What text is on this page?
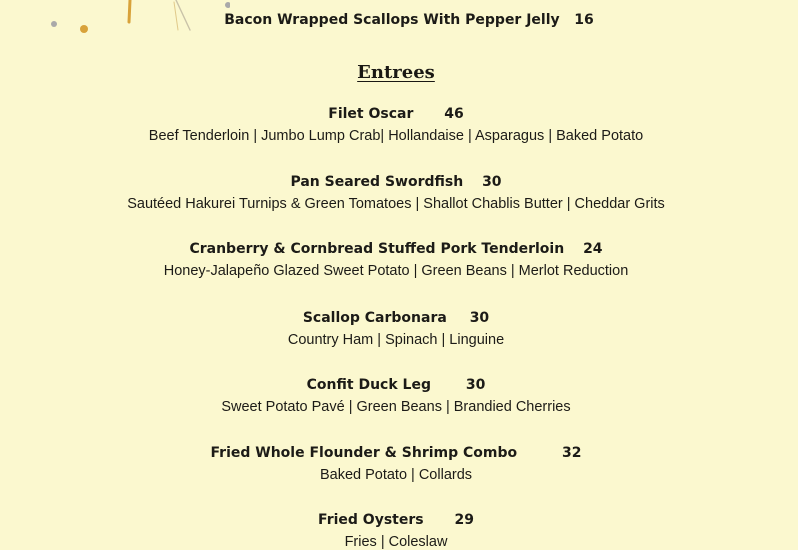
Bacon Wrapped Scallops With Pepper Jelly 16
Entrees
Filet Oscar 46
Beef Tenderloin | Jumbo Lump Crab| Hollandaise | Asparagus | Baked Potato
Pan Seared Swordfish 30
Sautéed Hakurei Turnips & Green Tomatoes | Shallot Chablis Butter | Cheddar Grits
Cranberry & Cornbread Stuffed Pork Tenderloin 24
Honey-Jalapeño Glazed Sweet Potato | Green Beans | Merlot Reduction
Scallop Carbonara 30
Country Ham | Spinach | Linguine
Confit Duck Leg 30
Sweet Potato Pavé | Green Beans | Brandied Cherries
Fried Whole Flounder & Shrimp Combo	32
Baked Potato | Collards
Fried Oysters 29
Fries | Coleslaw
